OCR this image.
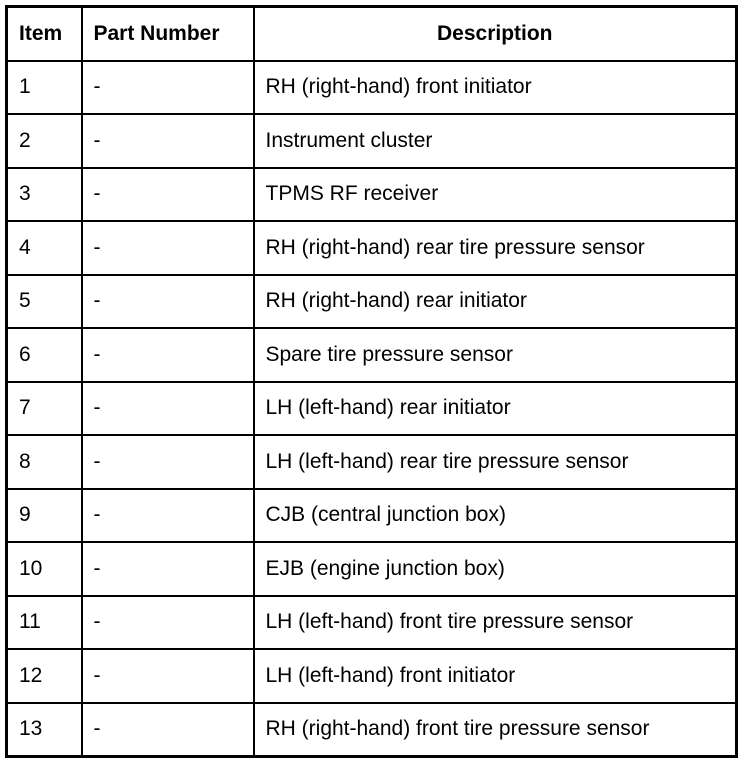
Item	Part Number	Description
1	-	RH (right-hand) front initiator
2	-	Instrument cluster
3	-	TPMS RF receiver
4	-	RH (right-hand) rear tire pressure sensor
5	-	RH (right-hand) rear initiator
6	-	Spare tire pressure sensor
7	-	LH (left-hand) rear initiator
8	-	LH (left-hand) rear tire pressure sensor
9	-	CJB (central junction box)
10	-	EJB (engine junction box)
11	-	LH (left-hand) front tire pressure sensor
12	-	LH (left-hand) front initiator
13	-	RH (right-hand) front tire pressure sensor
